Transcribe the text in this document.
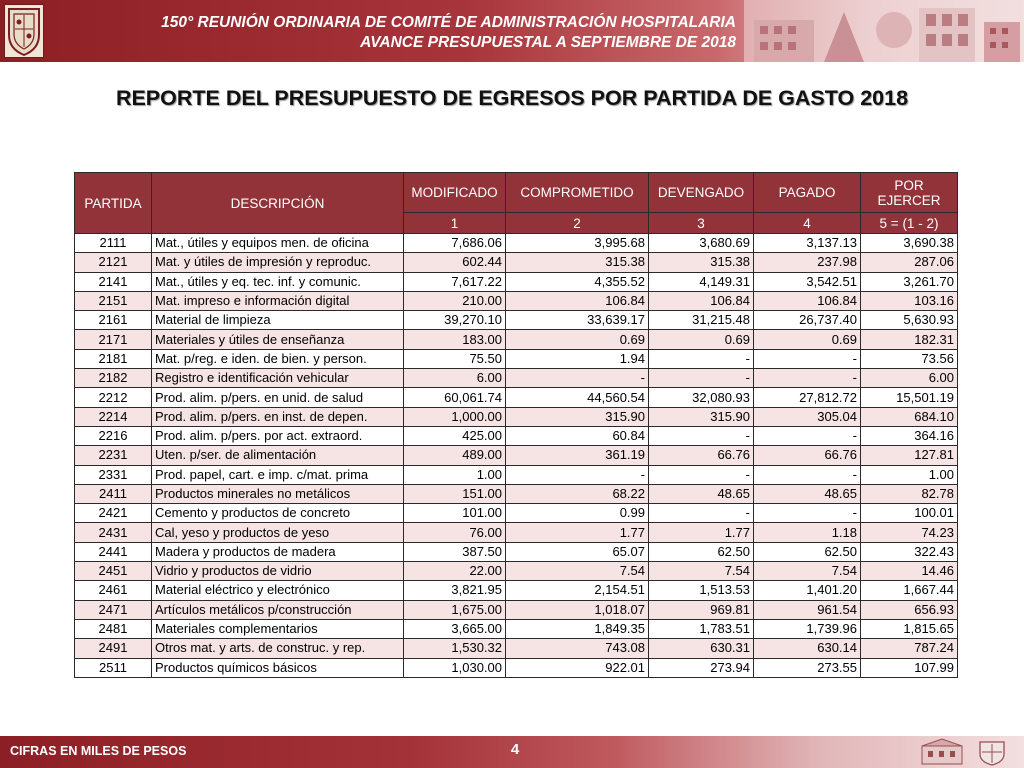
150° REUNIÓN ORDINARIA DE COMITÉ DE ADMINISTRACIÓN HOSPITALARIA
AVANCE PRESUPUESTAL A SEPTIEMBRE DE 2018
REPORTE DEL PRESUPUESTO DE EGRESOS POR PARTIDA DE GASTO 2018
PARTIDA	DESCRIPCIÓN	MODIFICADO	COMPROMETIDO	DEVENGADO	PAGADO	POR EJERCER
		1	2	3	4	5 = (1 - 2)
2111	Mat., útiles y equipos men. de oficina	7,686.06	3,995.68	3,680.69	3,137.13	3,690.38
2121	Mat. y útiles de impresión y reproduc.	602.44	315.38	315.38	237.98	287.06
2141	Mat., útiles y eq. tec. inf. y comunic.	7,617.22	4,355.52	4,149.31	3,542.51	3,261.70
2151	Mat. impreso e información digital	210.00	106.84	106.84	106.84	103.16
2161	Material de limpieza	39,270.10	33,639.17	31,215.48	26,737.40	5,630.93
2171	Materiales y útiles de enseñanza	183.00	0.69	0.69	0.69	182.31
2181	Mat. p/reg. e iden. de bien. y person.	75.50	1.94	-	-	73.56
2182	Registro e identificación vehicular	6.00	-	-	-	6.00
2212	Prod. alim. p/pers. en unid. de salud	60,061.74	44,560.54	32,080.93	27,812.72	15,501.19
2214	Prod. alim. p/pers. en inst. de depen.	1,000.00	315.90	315.90	305.04	684.10
2216	Prod. alim. p/pers. por act. extraord.	425.00	60.84	-	-	364.16
2231	Uten. p/ser. de alimentación	489.00	361.19	66.76	66.76	127.81
2331	Prod. papel, cart. e imp. c/mat. prima	1.00	-	-	-	1.00
2411	Productos minerales no metálicos	151.00	68.22	48.65	48.65	82.78
2421	Cemento y productos de concreto	101.00	0.99	-	-	100.01
2431	Cal, yeso y productos de yeso	76.00	1.77	1.77	1.18	74.23
2441	Madera y productos de madera	387.50	65.07	62.50	62.50	322.43
2451	Vidrio y productos de vidrio	22.00	7.54	7.54	7.54	14.46
2461	Material eléctrico y electrónico	3,821.95	2,154.51	1,513.53	1,401.20	1,667.44
2471	Artículos metálicos p/construcción	1,675.00	1,018.07	969.81	961.54	656.93
2481	Materiales complementarios	3,665.00	1,849.35	1,783.51	1,739.96	1,815.65
2491	Otros mat. y arts. de construc. y rep.	1,530.32	743.08	630.31	630.14	787.24
2511	Productos químicos básicos	1,030.00	922.01	273.94	273.55	107.99
CIFRAS EN MILES DE PESOS	4
